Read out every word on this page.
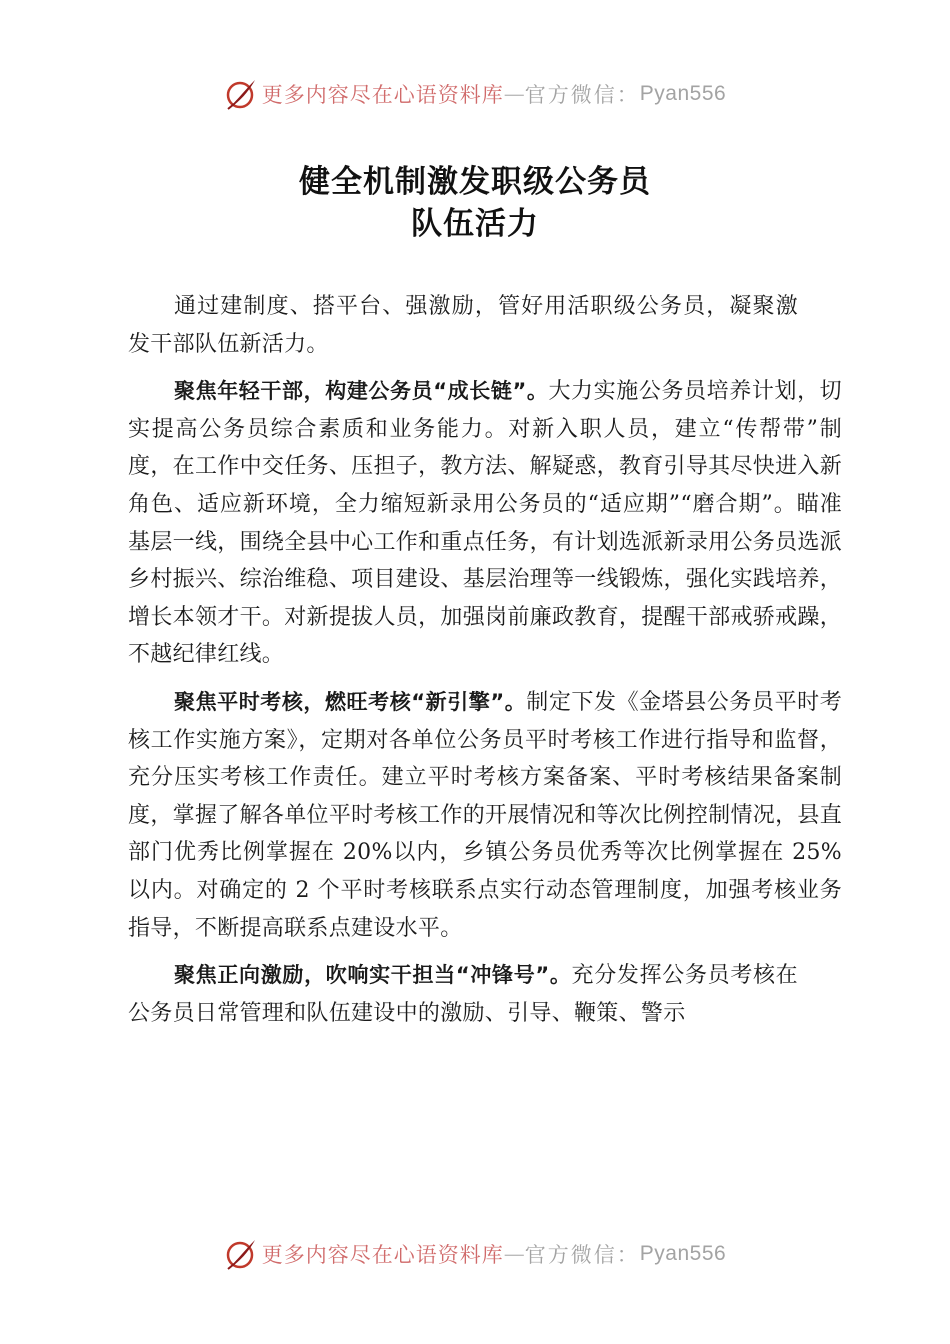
更多内容尽在心语资料库 — 官方微信： Pyan556
健全机制激发职级公务员
队伍活力

通过建制度、搭平台、强激励，管好用活职级公务员，凝聚激发干部队伍新活力。

聚焦年轻干部，构建公务员“成长链”。大力实施公务员培养计划，切实提高公务员综合素质和业务能力。对新入职人员，建立“传帮带”制度，在工作中交任务、压担子，教方法、解疑惑，教育引导其尽快进入新角色、适应新环境，全力缩短新录用公务员的“适应期”“磨合期”。瞄准基层一线，围绕全县中心工作和重点任务，有计划选派新录用公务员选派乡村振兴、综治维稳、项目建设、基层治理等一线锻炼，强化实践培养，增长本领才干。对新提拔人员，加强岗前廉政教育，提醒干部戒骄戒躁， 不越纪律红线。

聚焦平时考核，燃旺考核“新引擎”。制定下发《金塔县公务员平时考核工作实施方案》，定期对各单位公务员平时考核工作进行指导和监督，充分压实考核工作责任。建立平时考核方案备案、平时考核结果备案制度，掌握了解各单位平时考核工作的开展情况和等次比例控制情况，县直部门优秀比例掌握在 20%以内，乡镇公务员优秀等次比例掌握在 25%以内。对确定的 2 个平时考核联系点实行动态管理制度，加强考核业务指导，不断提高联系点建设水平。

聚焦正向激励，吹响实干担当“冲锋号”。充分发挥公务员考核在公务员日常管理和队伍建设中的激励、引导、鞭策、警示

更多内容尽在心语资料库 — 官方微信： Pyan556
